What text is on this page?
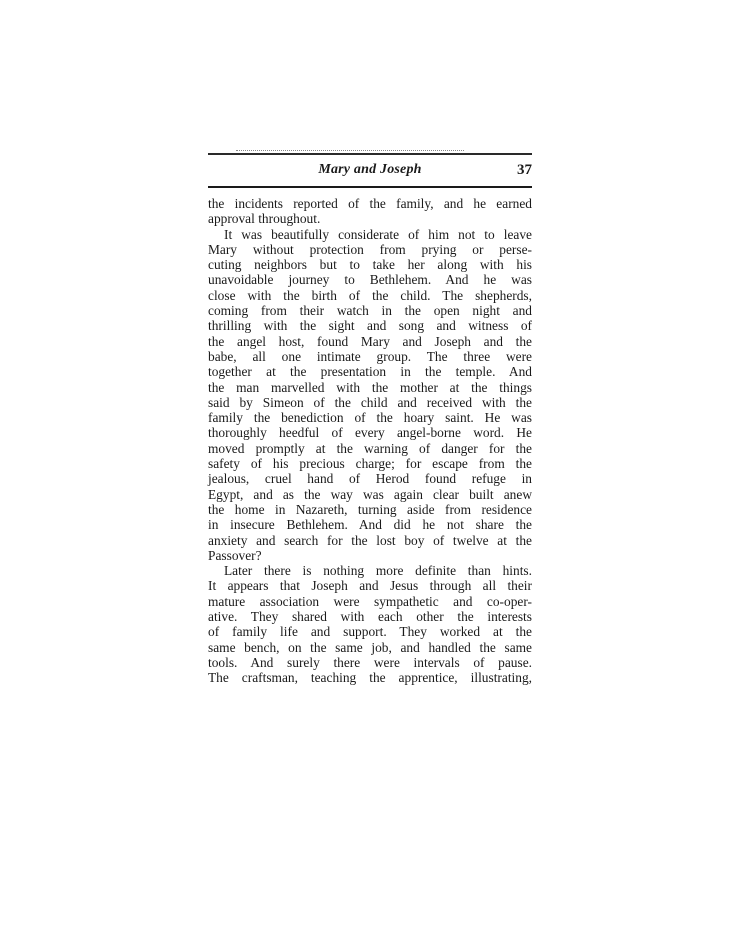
Mary and Joseph	37
the incidents reported of the family, and he earned
approval throughout.
It was beautifully considerate of him not to leave
Mary without protection from prying or perse-
cuting neighbors but to take her along with his
unavoidable journey to Bethlehem. And he was
close with the birth of the child. The shepherds,
coming from their watch in the open night and
thrilling with the sight and song and witness of
the angel host, found Mary and Joseph and the
babe, all one intimate group. The three were
together at the presentation in the temple. And
the man marvelled with the mother at the things
said by Simeon of the child and received with the
family the benediction of the hoary saint. He was
thoroughly heedful of every angel-borne word. He
moved promptly at the warning of danger for the
safety of his precious charge; for escape from the
jealous, cruel hand of Herod found refuge in
Egypt, and as the way was again clear built anew
the home in Nazareth, turning aside from residence
in insecure Bethlehem. And did he not share the
anxiety and search for the lost boy of twelve at the
Passover?
Later there is nothing more definite than hints.
It appears that Joseph and Jesus through all their
mature association were sympathetic and co-oper-
ative. They shared with each other the interests
of family life and support. They worked at the
same bench, on the same job, and handled the same
tools. And surely there were intervals of pause.
The craftsman, teaching the apprentice, illustrating,
